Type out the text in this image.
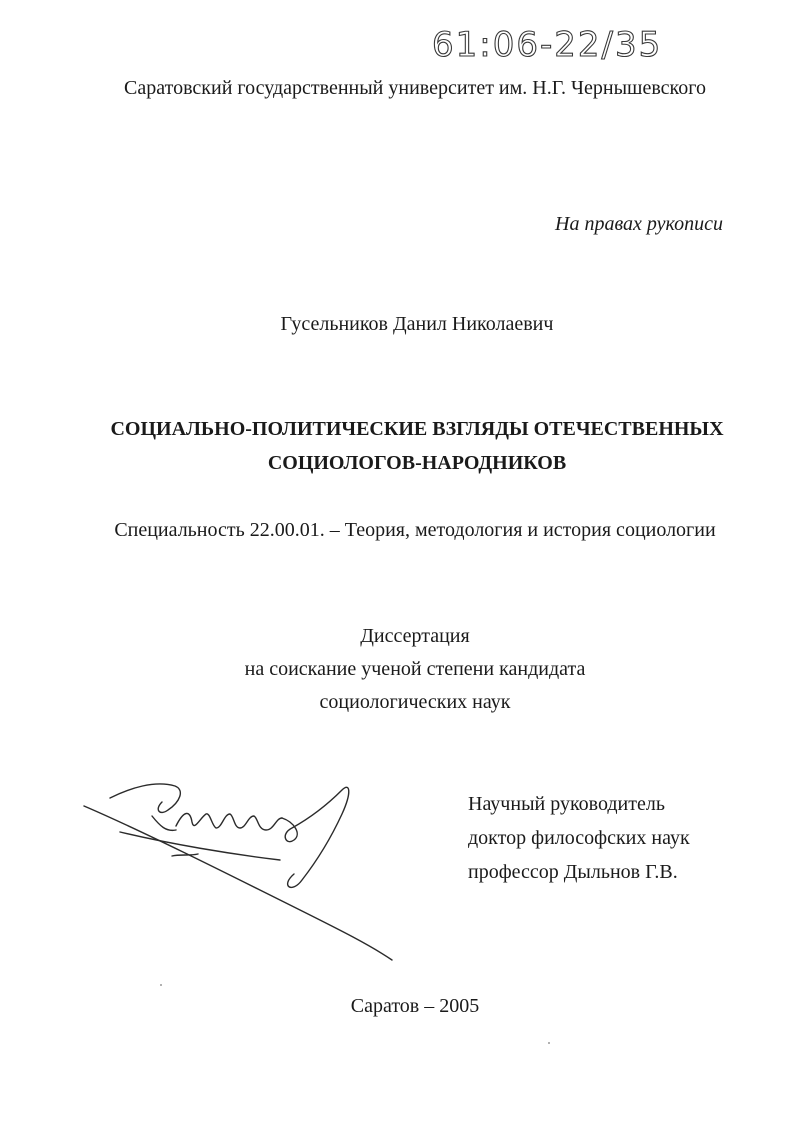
61:06-22/35
Саратовский государственный университет им. Н.Г. Чернышевского
На правах рукописи
Гусельников Данил Николаевич
СОЦИАЛЬНО-ПОЛИТИЧЕСКИЕ ВЗГЛЯДЫ ОТЕЧЕСТВЕННЫХ
СОЦИОЛОГОВ-НАРОДНИКОВ
Специальность 22.00.01. – Теория, методология и история социологии
Диссертация
на соискание ученой степени кандидата
социологических наук
Научный руководитель
доктор философских наук
профессор Дыльнов Г.В.
Саратов – 2005
